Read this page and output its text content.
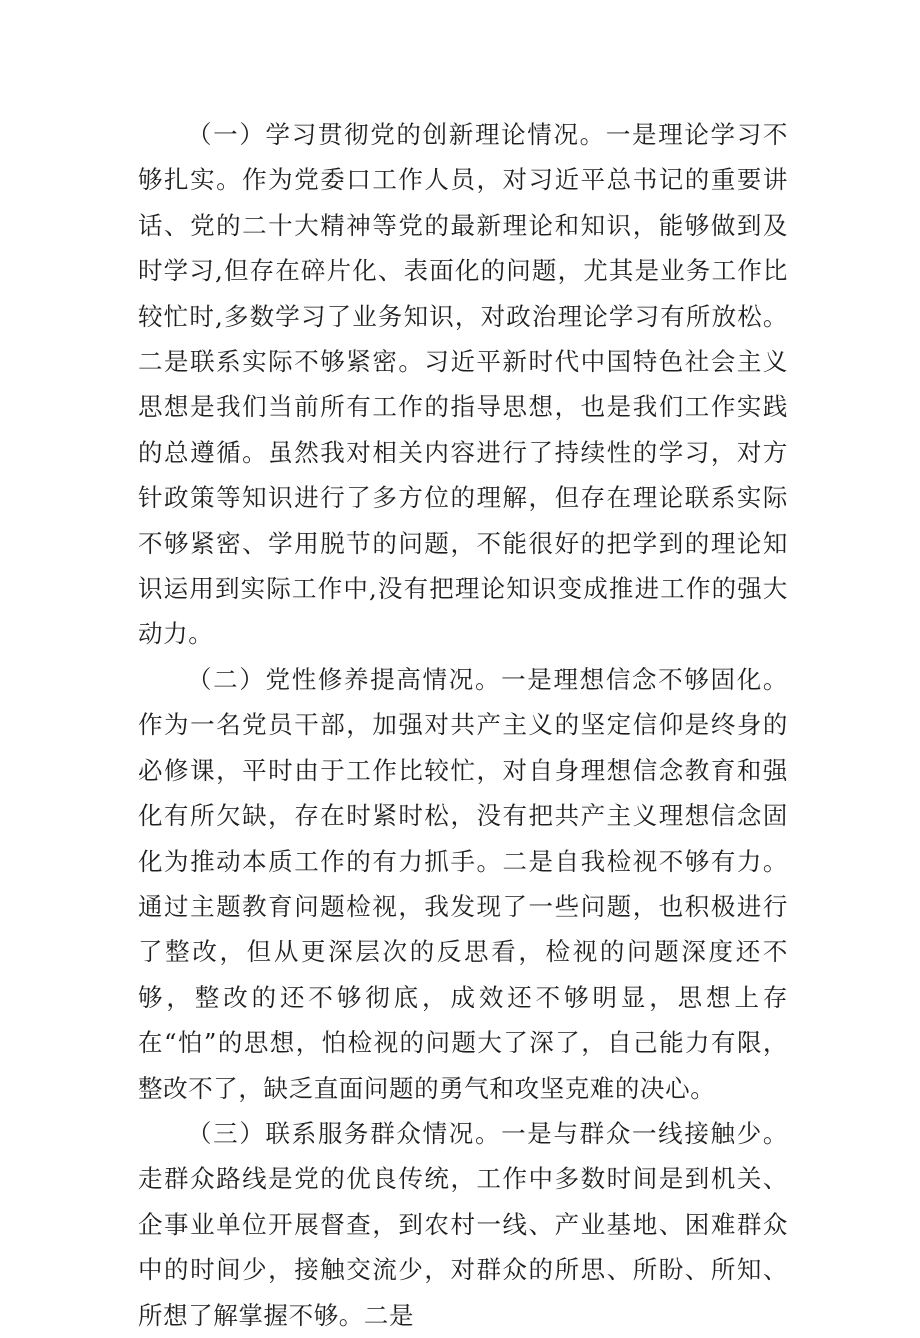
（一）学习贯彻党的创新理论情况。一是理论学习不够扎实。作为党委口工作人员，对习近平总书记的重要讲话、党的二十大精神等党的最新理论和知识，能够做到及时学习,但存在碎片化、表面化的问题，尤其是业务工作比较忙时,多数学习了业务知识，对政治理论学习有所放松。二是联系实际不够紧密。习近平新时代中国特色社会主义思想是我们当前所有工作的指导思想，也是我们工作实践的总遵循。虽然我对相关内容进行了持续性的学习，对方针政策等知识进行了多方位的理解，但存在理论联系实际不够紧密、学用脱节的问题，不能很好的把学到的理论知识运用到实际工作中,没有把理论知识变成推进工作的强大动力。

（二）党性修养提高情况。一是理想信念不够固化。作为一名党员干部，加强对共产主义的坚定信仰是终身的必修课，平时由于工作比较忙，对自身理想信念教育和强化有所欠缺，存在时紧时松，没有把共产主义理想信念固化为推动本质工作的有力抓手。二是自我检视不够有力。通过主题教育问题检视，我发现了一些问题，也积极进行了整改，但从更深层次的反思看，检视的问题深度还不够，整改的还不够彻底，成效还不够明显，思想上存在“怕”的思想，怕检视的问题大了深了，自己能力有限，整改不了，缺乏直面问题的勇气和攻坚克难的决心。

（三）联系服务群众情况。一是与群众一线接触少。走群众路线是党的优良传统，工作中多数时间是到机关、企事业单位开展督查，到农村一线、产业基地、困难群众中的时间少，接触交流少，对群众的所思、所盼、所知、所想了解掌握不够。二是
